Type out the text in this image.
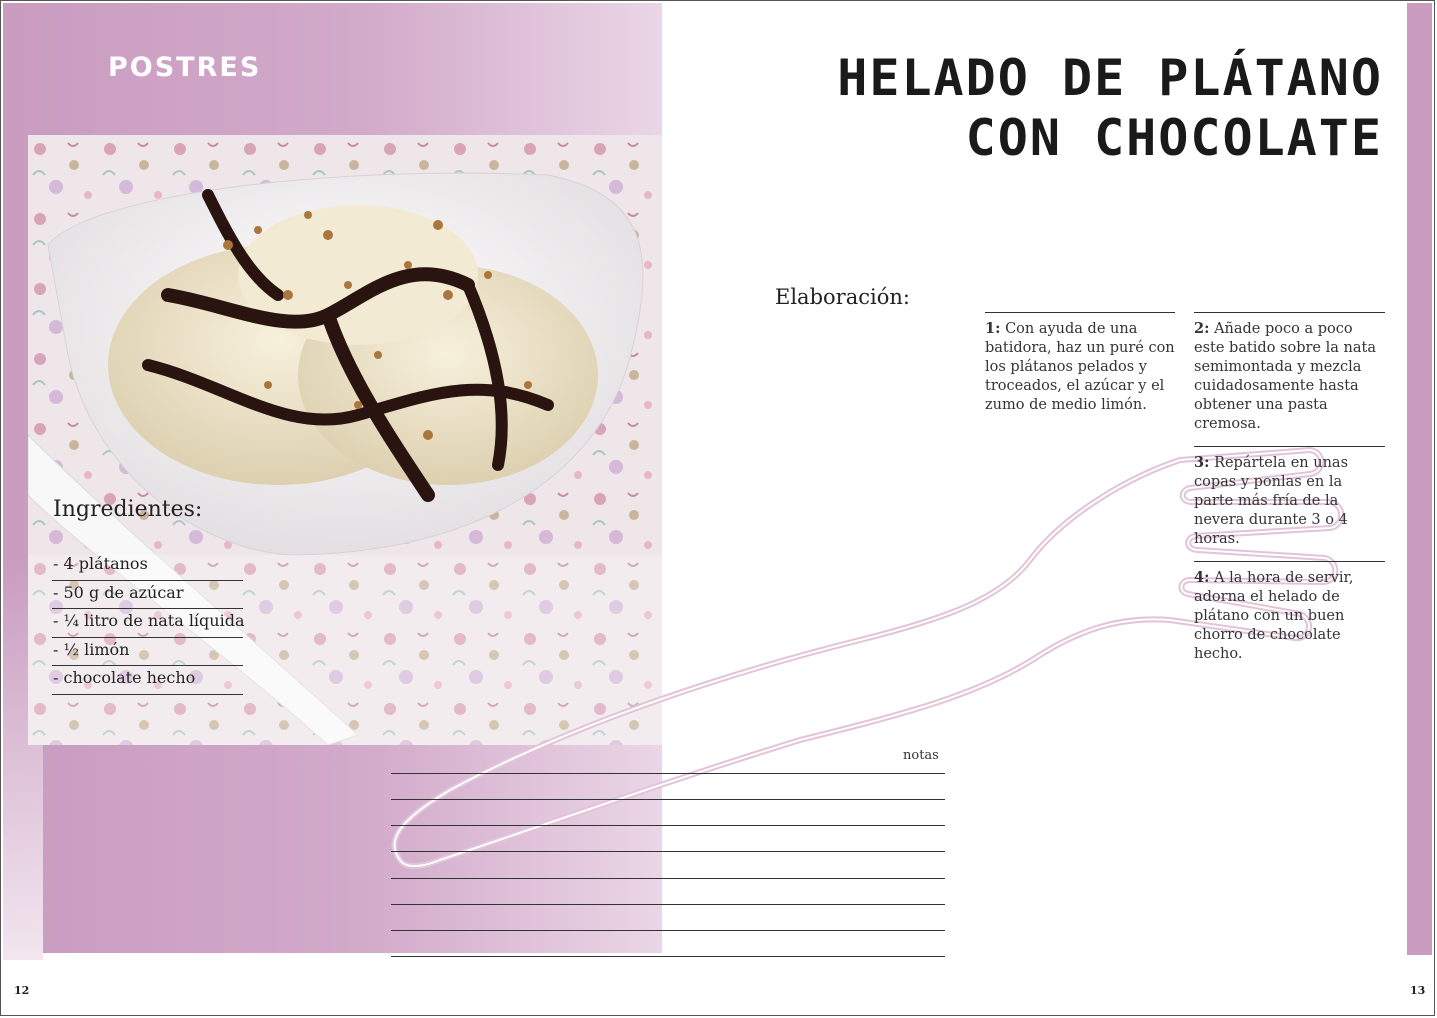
POSTRES	HELADO DE PLÁTANO
CON CHOCOLATE
Ingredientes:
- 4 plátanos
- 50 g de azúcar
- ¼ litro de nata líquida
- ½ limón
- chocolate hecho
Elaboración:
1: Con ayuda de una batidora, haz un puré con los plátanos pelados y troceados, el azúcar y el zumo de medio limón.
2: Añade poco a poco este batido sobre la nata semimontada y mezcla cuidadosamente hasta obtener una pasta cremosa.
3: Repártela en unas copas y ponlas en la parte más fría de la nevera durante 3 o 4 horas.
4: A la hora de servir, adorna el helado de plátano con un buen chorro de chocolate hecho.
notas
12	13
